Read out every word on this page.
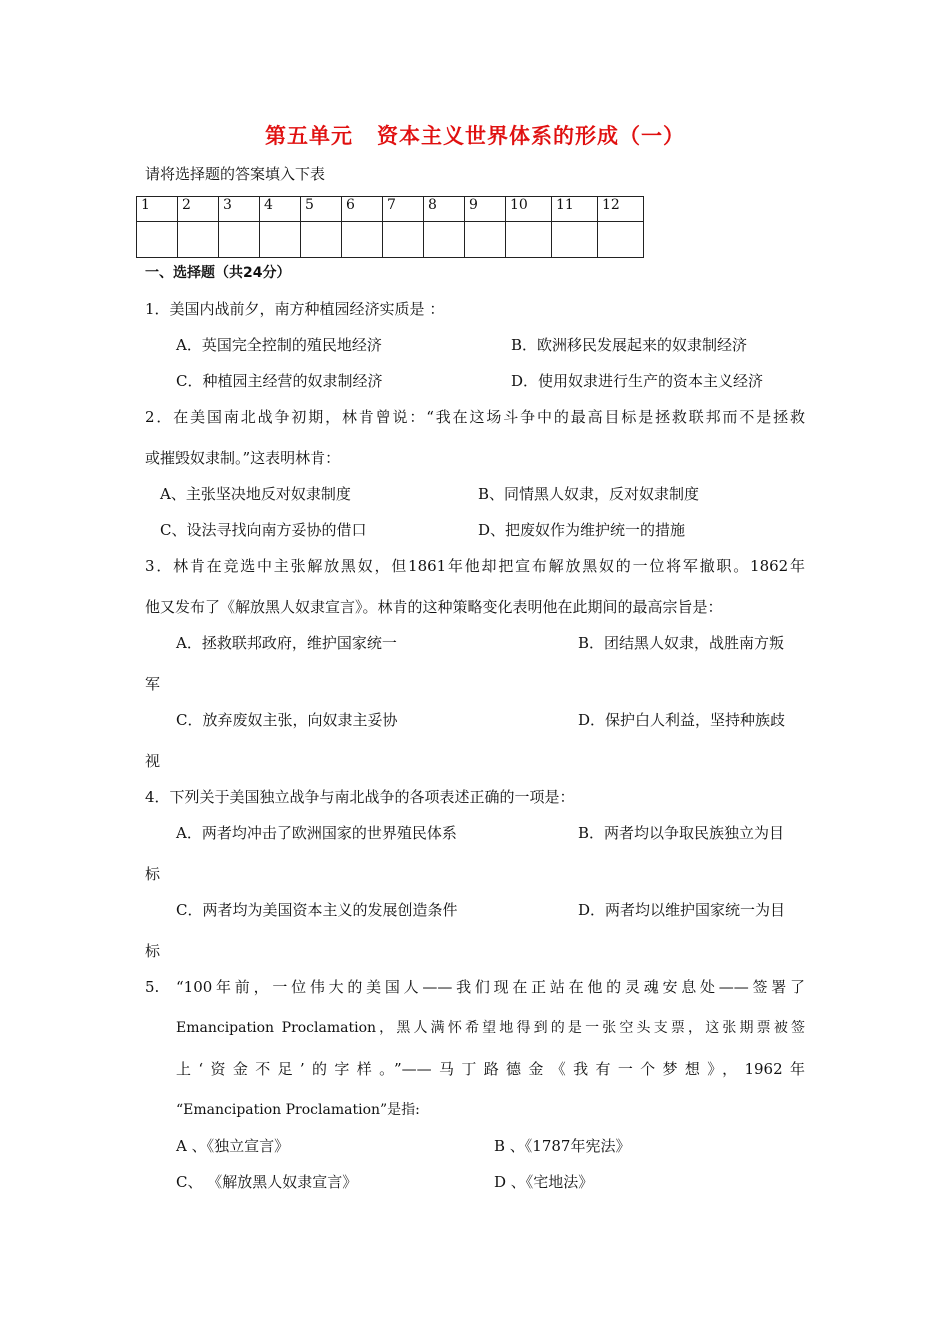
第五单元 资本主义世界体系的形成（一）
请将选择题的答案填入下表
1	2	3	4	5	6	7	8	9	10	11	12

一、选择题（共24分）
1．美国内战前夕，南方种植园经济实质是 ：
A．英国完全控制的殖民地经济	B．欧洲移民发展起来的奴隶制经济
C．种植园主经营的奴隶制经济	D．使用奴隶进行生产的资本主义经济
2．在美国南北战争初期，林肯曾说：“我在这场斗争中的最高目标是拯救联邦而不是拯救
或摧毁奴隶制。”这表明林肯：
A、主张坚决地反对奴隶制度	B、同情黑人奴隶，反对奴隶制度
C、设法寻找向南方妥协的借口	D、把废奴作为维护统一的措施
3．林肯在竞选中主张解放黑奴，但1861年他却把宣布解放黑奴的一位将军撤职。1862年
他又发布了《解放黑人奴隶宣言》。林肯的这种策略变化表明他在此期间的最高宗旨是：
A．拯救联邦政府，维护国家统一	B．团结黑人奴隶，战胜南方叛
军
C．放弃废奴主张，向奴隶主妥协	D．保护白人利益，坚持种族歧
视
4．下列关于美国独立战争与南北战争的各项表述正确的一项是：
A．两者均冲击了欧洲国家的世界殖民体系	B．两者均以争取民族独立为目
标
C．两者均为美国资本主义的发展创造条件	D．两者均以维护国家统一为目
标
5. “100年前，一位伟大的美国人——我们现在正站在他的灵魂安息处——签署了
Emancipation Proclamation，黑人满怀希望地得到的是一张空头支票，这张期票被签
上‘资金不足’的字样。”——马丁路德金《我有一个梦想》，1962年
“Emancipation Proclamation”是指:
A 、《独立宣言》	B 、《1787年宪法》
C、 《解放黑人奴隶宣言》	D 、《宅地法》
